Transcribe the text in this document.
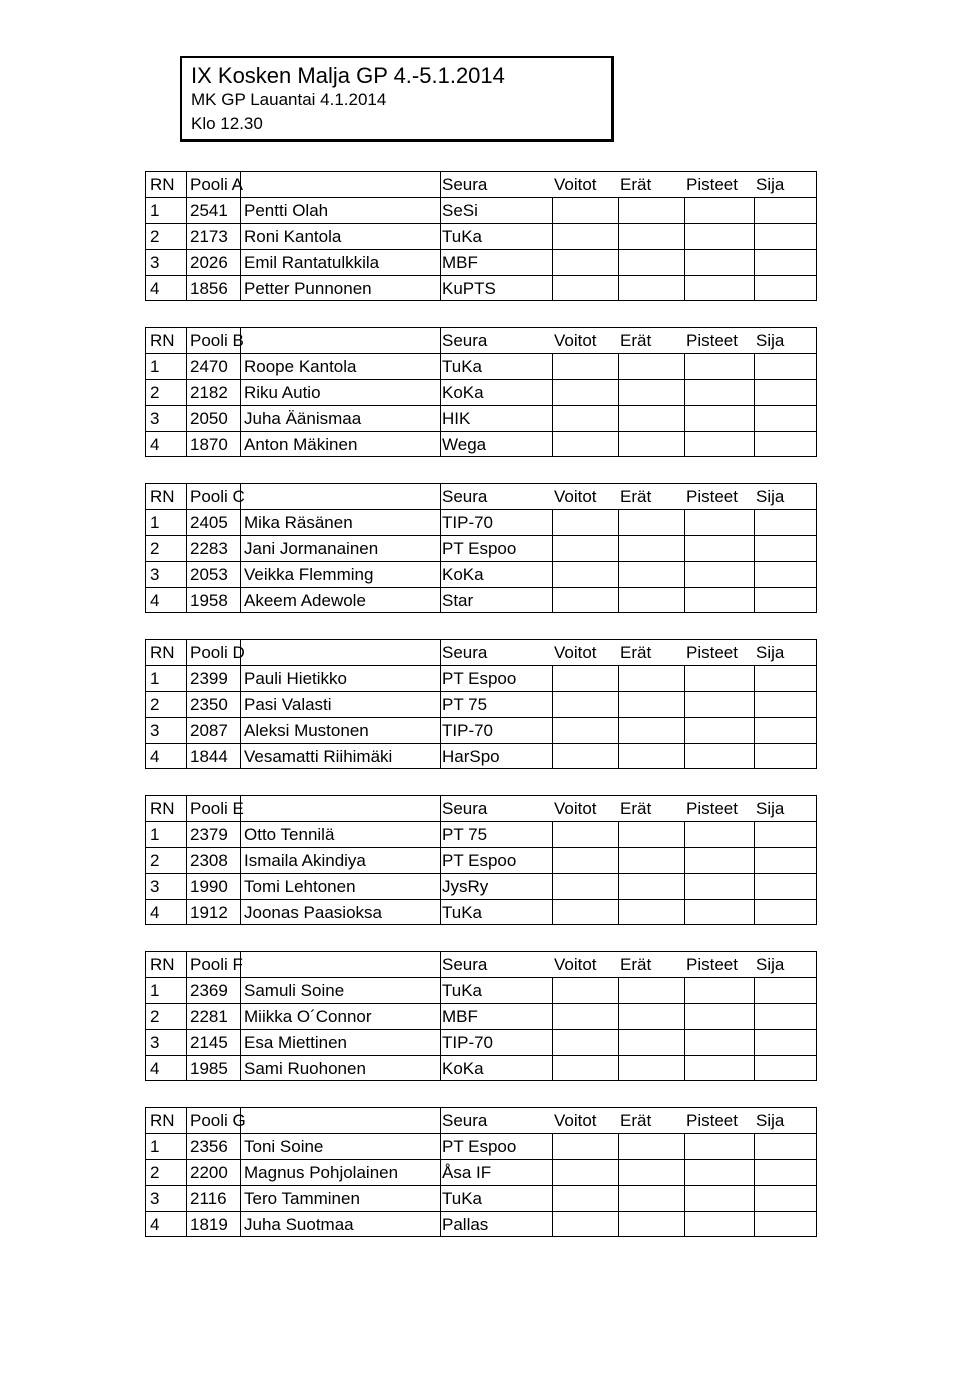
IX Kosken Malja GP 4.-5.1.2014
MK GP Lauantai 4.1.2014
Klo 12.30
RN Pooli A	Seura	Voitot	Erät	Pisteet	Sija
1	2541 Pentti Olah	SeSi
2	2173 Roni Kantola	TuKa
3	2026 Emil Rantatulkkila	MBF
4	1856 Petter Punnonen	KuPTS
RN Pooli B	Seura	Voitot	Erät	Pisteet	Sija
1	2470 Roope Kantola	TuKa
2	2182 Riku Autio	KoKa
3	2050 Juha Äänismaa	HIK
4	1870 Anton Mäkinen	Wega
RN Pooli C	Seura	Voitot	Erät	Pisteet	Sija
1	2405 Mika Räsänen	TIP-70
2	2283 Jani Jormanainen	PT Espoo
3	2053 Veikka Flemming	KoKa
4	1958 Akeem Adewole	Star
RN Pooli D	Seura	Voitot	Erät	Pisteet	Sija
1	2399 Pauli Hietikko	PT Espoo
2	2350 Pasi Valasti	PT 75
3	2087 Aleksi Mustonen	TIP-70
4	1844 Vesamatti Riihimäki	HarSpo
RN Pooli E	Seura	Voitot	Erät	Pisteet	Sija
1	2379 Otto Tennilä	PT 75
2	2308 Ismaila Akindiya	PT Espoo
3	1990 Tomi Lehtonen	JysRy
4	1912 Joonas Paasioksa	TuKa
RN Pooli F	Seura	Voitot	Erät	Pisteet	Sija
1	2369 Samuli Soine	TuKa
2	2281 Miikka O´Connor	MBF
3	2145 Esa Miettinen	TIP-70
4	1985 Sami Ruohonen	KoKa
RN Pooli G	Seura	Voitot	Erät	Pisteet	Sija
1	2356 Toni Soine	PT Espoo
2	2200 Magnus Pohjolainen	Åsa IF
3	2116	Tero Tamminen	TuKa
4	1819 Juha Suotmaa	Pallas
